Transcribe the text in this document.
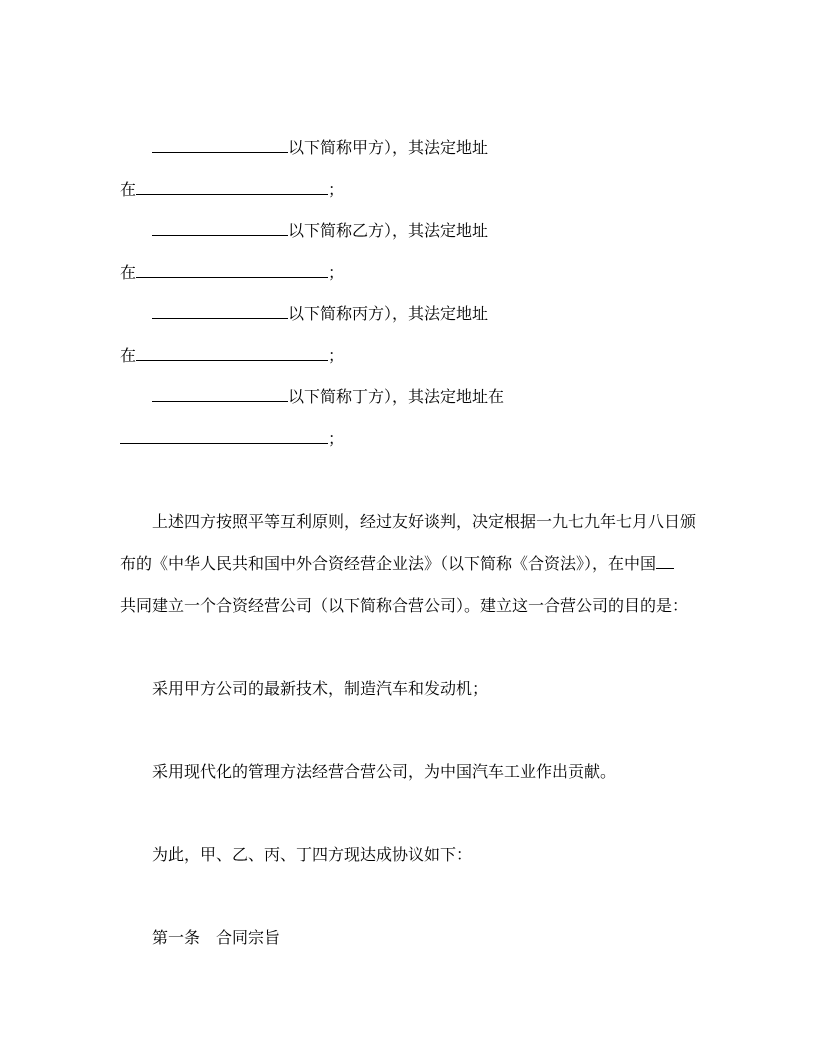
以下简称甲方），其法定地址
在	；
以下简称乙方），其法定地址
在	；
以下简称丙方），其法定地址
在	；
以下简称丁方），其法定地址在
；
上述四方按照平等互利原则，经过友好谈判，决定根据一九七九年七月八日颁
布的《中华人民共和国中外合资经营企业法》（以下简称《合资法》），在中国
共同建立一个合资经营公司（以下简称合营公司）。建立这一合营公司的目的是：
采用甲方公司的最新技术，制造汽车和发动机；
采用现代化的管理方法经营合营公司，为中国汽车工业作出贡献。
为此，甲、乙、丙、丁四方现达成协议如下：
第一条 合同宗旨
